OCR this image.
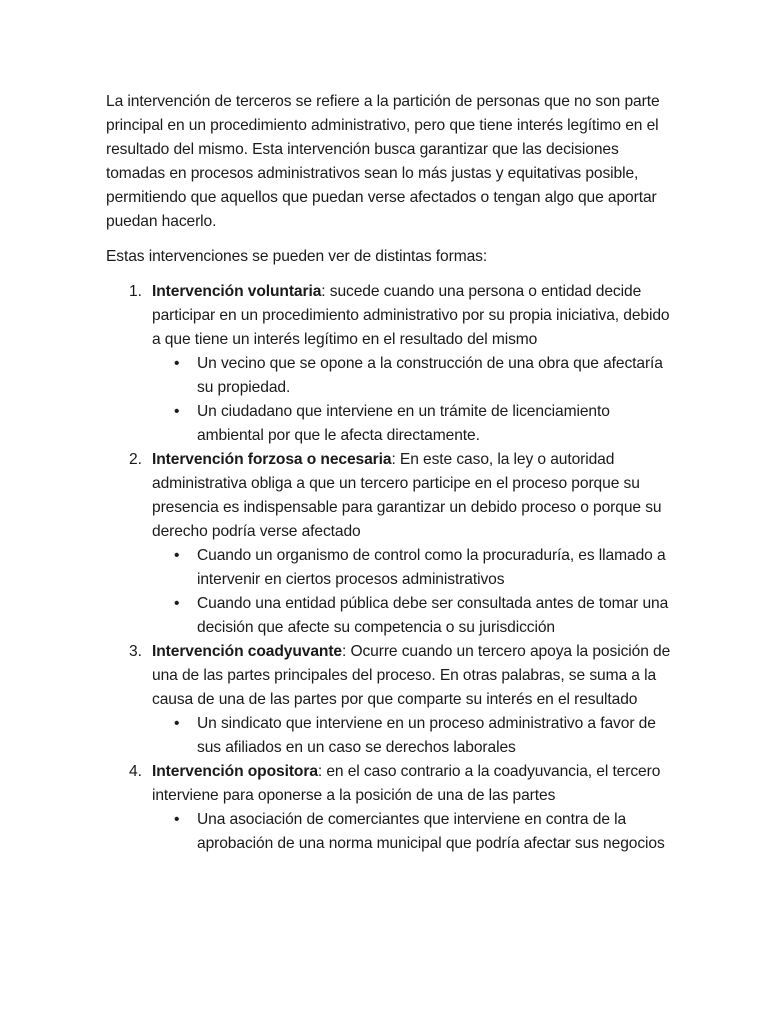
La intervención de terceros se refiere a la partición de personas que no son parte principal en un procedimiento administrativo, pero que tiene interés legítimo en el resultado del mismo. Esta intervención busca garantizar que las decisiones tomadas en procesos administrativos sean lo más justas y equitativas posible, permitiendo que aquellos que puedan verse afectados o tengan algo que aportar puedan hacerlo.

Estas intervenciones se pueden ver de distintas formas:

1. Intervención voluntaria: sucede cuando una persona o entidad decide participar en un procedimiento administrativo por su propia iniciativa, debido a que tiene un interés legítimo en el resultado del mismo
• Un vecino que se opone a la construcción de una obra que afectaría su propiedad.
• Un ciudadano que interviene en un trámite de licenciamiento ambiental por que le afecta directamente.
2. Intervención forzosa o necesaria: En este caso, la ley o autoridad administrativa obliga a que un tercero participe en el proceso porque su presencia es indispensable para garantizar un debido proceso o porque su derecho podría verse afectado
• Cuando un organismo de control como la procuraduría, es llamado a intervenir en ciertos procesos administrativos
• Cuando una entidad pública debe ser consultada antes de tomar una decisión que afecte su competencia o su jurisdicción
3. Intervención coadyuvante: Ocurre cuando un tercero apoya la posición de una de las partes principales del proceso. En otras palabras, se suma a la causa de una de las partes por que comparte su interés en el resultado
• Un sindicato que interviene en un proceso administrativo a favor de sus afiliados en un caso se derechos laborales
4. Intervención opositora: en el caso contrario a la coadyuvancia, el tercero interviene para oponerse a la posición de una de las partes
• Una asociación de comerciantes que interviene en contra de la aprobación de una norma municipal que podría afectar sus negocios
